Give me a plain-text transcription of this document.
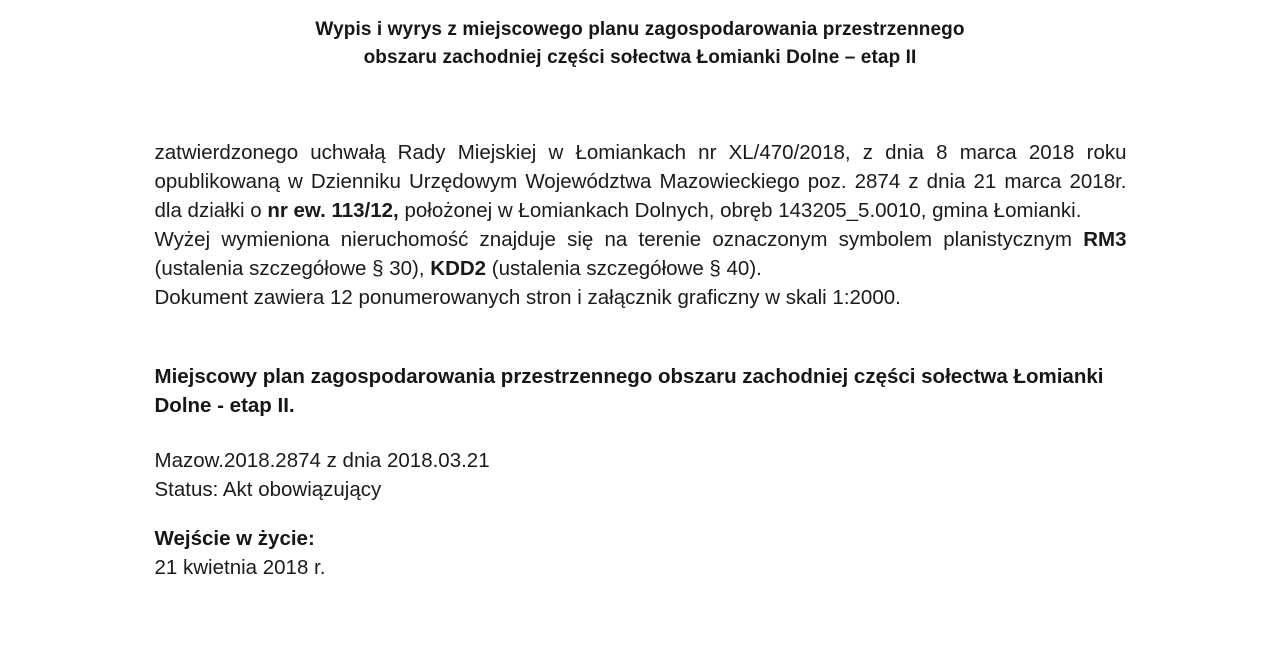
Wypis i wyrys z miejscowego planu zagospodarowania przestrzennego
obszaru zachodniej części sołectwa Łomianki Dolne – etap II

zatwierdzonego uchwałą Rady Miejskiej w Łomiankach nr XL/470/2018, z dnia 8 marca 2018 roku opublikowaną w Dzienniku Urzędowym Województwa Mazowieckiego poz. 2874 z dnia 21 marca 2018r. dla działki o nr ew. 113/12, położonej w Łomiankach Dolnych, obręb 143205_5.0010, gmina Łomianki.

Wyżej wymieniona nieruchomość znajduje się na terenie oznaczonym symbolem planistycznym RM3 (ustalenia szczegółowe § 30), KDD2 (ustalenia szczegółowe § 40).

Dokument zawiera 12 ponumerowanych stron i załącznik graficzny w skali 1:2000.

Miejscowy plan zagospodarowania przestrzennego obszaru zachodniej części sołectwa Łomianki
Dolne - etap II.

Mazow.2018.2874 z dnia 2018.03.21

Status: Akt obowiązujący

Wejście w życie:

21 kwietnia 2018 r.
